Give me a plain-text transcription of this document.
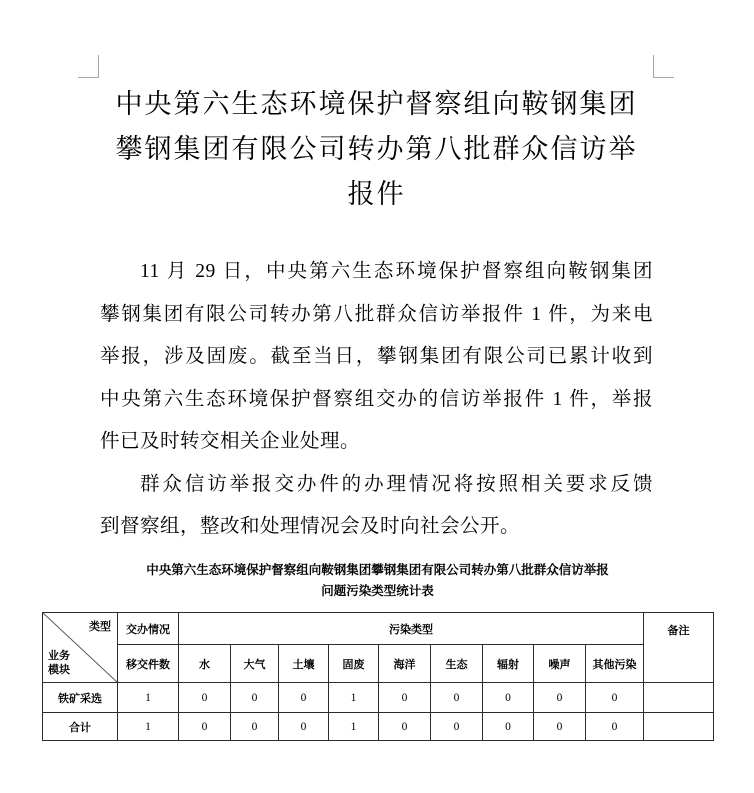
中央第六生态环境保护督察组向鞍钢集团
攀钢集团有限公司转办第八批群众信访举
报件
11 月 29 日，中央第六生态环境保护督察组向鞍钢集团
攀钢集团有限公司转办第八批群众信访举报件 1 件，为来电
举报，涉及固废。截至当日，攀钢集团有限公司已累计收到
中央第六生态环境保护督察组交办的信访举报件 1 件，举报
件已及时转交相关企业处理。
群众信访举报交办件的办理情况将按照相关要求反馈
到督察组，整改和处理情况会及时向社会公开。
中央第六生态环境保护督察组向鞍钢集团攀钢集团有限公司转办第八批群众信访举报
问题污染类型统计表
类型
业务
模块	交办情况	污染类型									备注
	移交件数	水	大气	土壤	固废	海洋	生态	辐射	噪声	其他污染	
铁矿采选	1	0	0	0	1	0	0	0	0	0	
合计	1	0	0	0	1	0	0	0	0	0	
